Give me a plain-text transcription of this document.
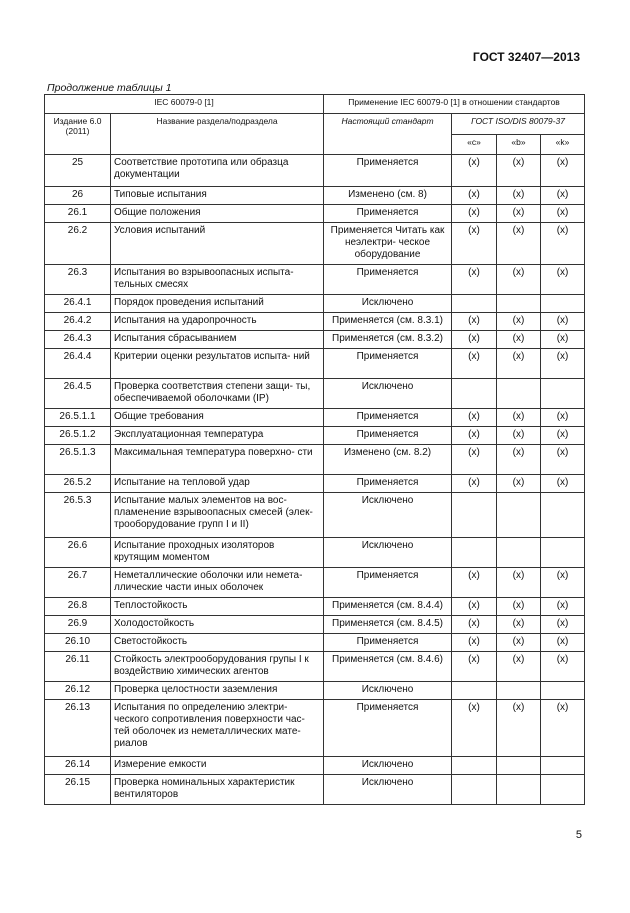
ГОСТ 32407—2013
Продолжение таблицы 1
IEC 60079-0 [1]		Применение IEC 60079-0 [1] в отношении стандартов			
Издание 6.0 (2011)	Название раздела/подраздела	Настоящий стандарт	ГОСТ ISO/DIS 80079-37		
			«c»	«b»	«k»
25	Соответствие прототипа или образца документации	Применяется	(x)	(x)	(x)
26	Типовые испытания	Изменено (см. 8)	(x)	(x)	(x)
26.1	Общие положения	Применяется	(x)	(x)	(x)
26.2	Условия испытаний	Применяется Читать как неэлектри- ческое оборудование	(x)	(x)	(x)
26.3	Испытания во взрывоопасных испыта- тельных смесях	Применяется	(x)	(x)	(x)
26.4.1	Порядок проведения испытаний	Исключено			
26.4.2	Испытания на ударопрочность	Применяется (см. 8.3.1)	(x)	(x)	(x)
26.4.3	Испытания сбрасыванием	Применяется (см. 8.3.2)	(x)	(x)	(x)
26.4.4	Критерии оценки результатов испыта- ний	Применяется	(x)	(x)	(x)
26.4.5	Проверка соответствия степени защи- ты, обеспечиваемой оболочками (IP)	Исключено			
26.5.1.1	Общие требования	Применяется	(x)	(x)	(x)
26.5.1.2	Эксплуатационная температура	Применяется	(x)	(x)	(x)
26.5.1.3	Максимальная температура поверхно- сти	Изменено (см. 8.2)	(x)	(x)	(x)
26.5.2	Испытание на тепловой удар	Применяется	(x)	(x)	(x)
26.5.3	Испытание малых элементов на вос- пламенение взрывоопасных смесей (элек- трооборудование групп I и II)	Исключено			
26.6	Испытание проходных изоляторов крутящим моментом	Исключено			
26.7	Неметаллические оболочки или немета- ллические части иных оболочек	Применяется	(x)	(x)	(x)
26.8	Теплостойкость	Применяется (см. 8.4.4)	(x)	(x)	(x)
26.9	Холодостойкость	Применяется (см. 8.4.5)	(x)	(x)	(x)
26.10	Светостойкость	Применяется	(x)	(x)	(x)
26.11	Стойкость электрооборудования групы I к воздействию химических агентов	Применяется (см. 8.4.6)	(x)	(x)	(x)
26.12	Проверка целостности заземления	Исключено			
26.13	Испытания по определению электри- ческого сопротивления поверхности час- тей оболочек из неметаллических мате- риалов	Применяется	(x)	(x)	(x)
26.14	Измерение емкости	Исключено			
26.15	Проверка номинальных характеристик вентиляторов	Исключено			
5
